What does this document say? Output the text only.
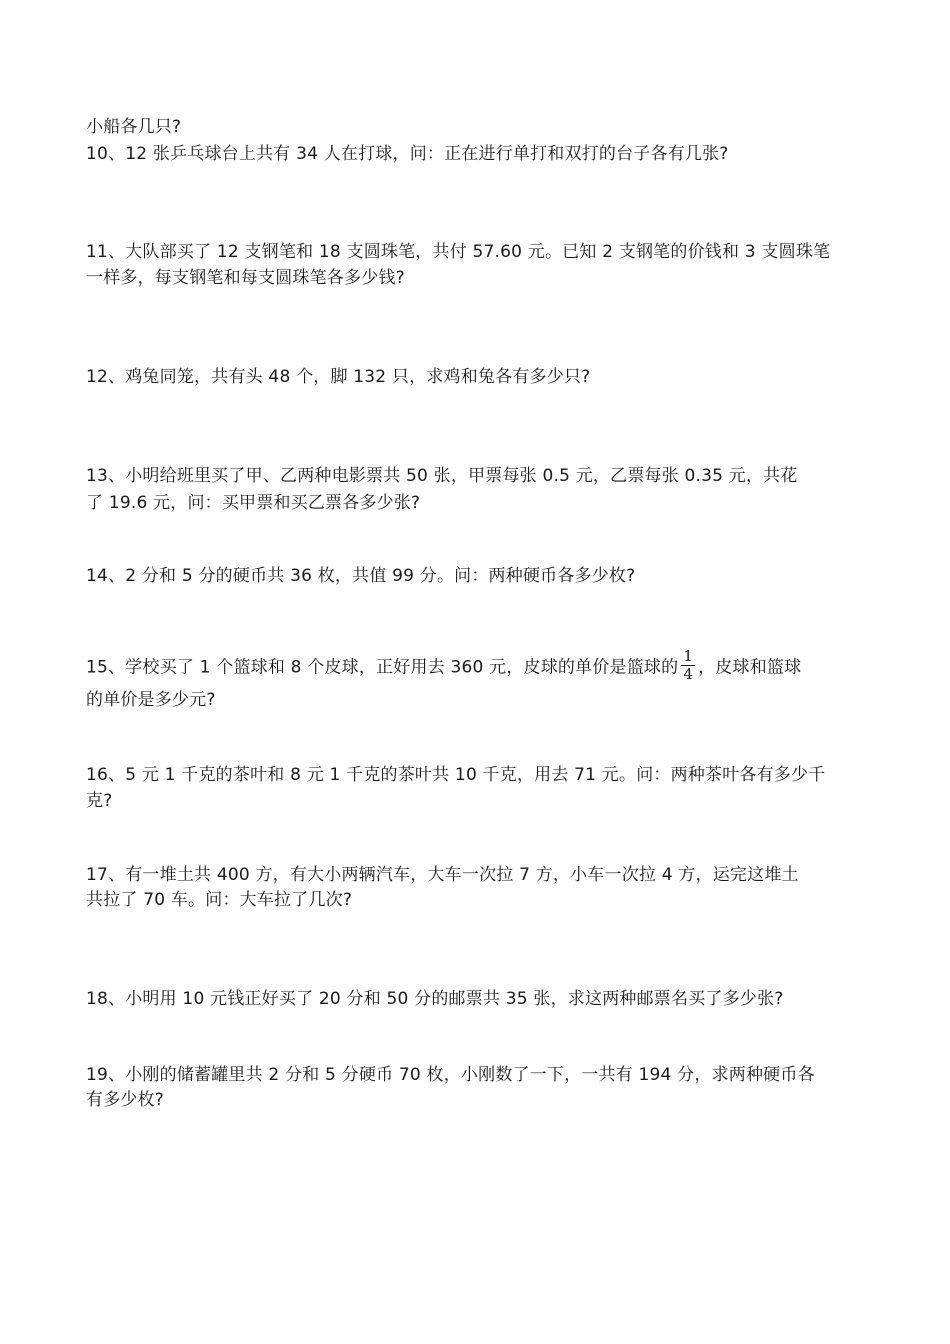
小船各几只?
10、12 张乒乓球台上共有 34 人在打球，问：正在进行单打和双打的台子各有几张?
11、大队部买了 12 支钢笔和 18 支圆珠笔，共付 57.60 元。已知 2 支钢笔的价钱和 3 支圆珠笔
一样多，每支钢笔和每支圆珠笔各多少钱?
12、鸡兔同笼，共有头 48 个，脚 132 只，求鸡和兔各有多少只?
13、小明给班里买了甲、乙两种电影票共 50 张，甲票每张 0.5 元，乙票每张 0.35 元，共花
了 19.6 元，问：买甲票和买乙票各多少张?
14、2 分和 5 分的硬币共 36 枚，共值 99 分。问：两种硬币各多少枚?
15、学校买了 1 个篮球和 8 个皮球，正好用去 360 元，皮球的单价是篮球的 $\frac{1}{4}$ ，皮球和篮球
的单价是多少元?
16、5 元 1 千克的茶叶和 8 元 1 千克的茶叶共 10 千克，用去 71 元。问：两种茶叶各有多少千
克?
17、有一堆土共 400 方，有大小两辆汽车，大车一次拉 7 方，小车一次拉 4 方，运完这堆土
共拉了 70 车。问：大车拉了几次?
18、小明用 10 元钱正好买了 20 分和 50 分的邮票共 35 张，求这两种邮票名买了多少张?
19、小刚的储蓄罐里共 2 分和 5 分硬币 70 枚，小刚数了一下，一共有 194 分，求两种硬币各
有多少枚?
